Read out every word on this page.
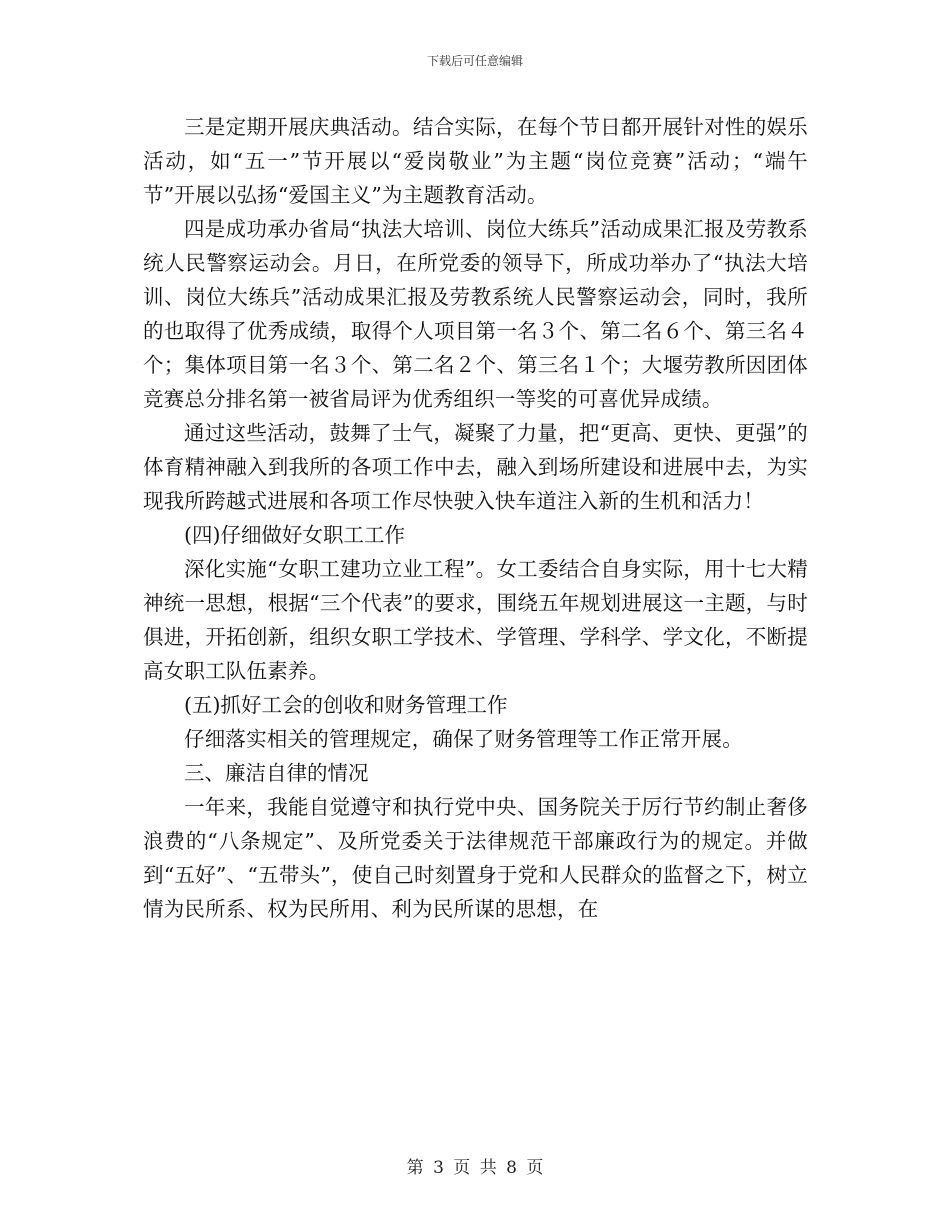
下载后可任意编辑

三是定期开展庆典活动。结合实际，在每个节日都开展针对性的娱乐活动，如“五一”节开展以“爱岗敬业”为主题“岗位竞赛”活动；“端午节”开展以弘扬“爱国主义”为主题教育活动。

四是成功承办省局“执法大培训、岗位大练兵”活动成果汇报及劳教系统人民警察运动会。月日，在所党委的领导下，所成功举办了“执法大培训、岗位大练兵”活动成果汇报及劳教系统人民警察运动会，同时，我所的也取得了优秀成绩，取得个人项目第一名３个、第二名６个、第三名４个；集体项目第一名３个、第二名２个、第三名１个；大堰劳教所因团体竞赛总分排名第一被省局评为优秀组织一等奖的可喜优异成绩。

通过这些活动，鼓舞了士气，凝聚了力量，把“更高、更快、更强”的体育精神融入到我所的各项工作中去，融入到场所建设和进展中去，为实现我所跨越式进展和各项工作尽快驶入快车道注入新的生机和活力！

(四)仔细做好女职工工作

深化实施“女职工建功立业工程”。女工委结合自身实际，用十七大精神统一思想，根据“三个代表”的要求，围绕五年规划进展这一主题，与时俱进，开拓创新，组织女职工学技术、学管理、学科学、学文化，不断提高女职工队伍素养。

(五)抓好工会的创收和财务管理工作

仔细落实相关的管理规定，确保了财务管理等工作正常开展。

三、廉洁自律的情况

一年来，我能自觉遵守和执行党中央、国务院关于厉行节约制止奢侈浪费的“八条规定”、及所党委关于法律规范干部廉政行为的规定。并做到“五好”、“五带头”，使自己时刻置身于党和人民群众的监督之下，树立情为民所系、权为民所用、利为民所谋的思想，在

第 3 页 共 8 页
